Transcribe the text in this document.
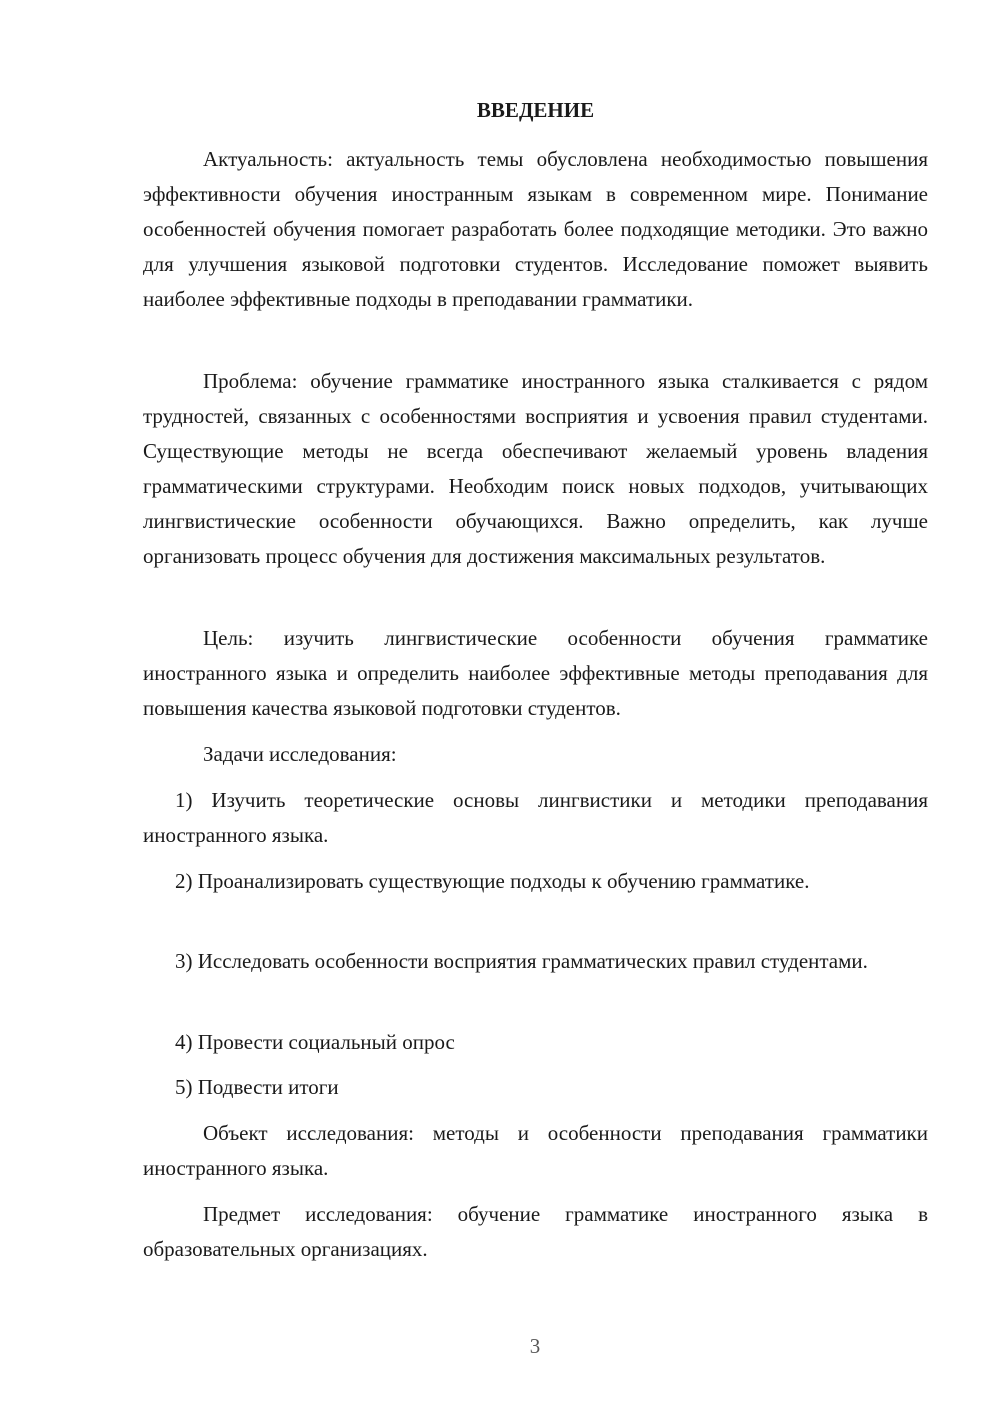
ВВЕДЕНИЕ

Актуальность: актуальность темы обусловлена необходимостью повышения эффективности обучения иностранным языкам в современном мире. Понимание особенностей обучения помогает разработать более подходящие методики. Это важно для улучшения языковой подготовки студентов. Исследование поможет выявить наиболее эффективные подходы в преподавании грамматики.

Проблема: обучение грамматике иностранного языка сталкивается с рядом трудностей, связанных с особенностями восприятия и усвоения правил студентами. Существующие методы не всегда обеспечивают желаемый уровень владения грамматическими структурами. Необходим поиск новых подходов, учитывающих лингвистические особенности обучающихся. Важно определить, как лучше организовать процесс обучения для достижения максимальных результатов.

Цель: изучить лингвистические особенности обучения грамматике иностранного языка и определить наиболее эффективные методы преподавания для повышения качества языковой подготовки студентов.

Задачи исследования:

1) Изучить теоретические основы лингвистики и методики преподавания иностранного языка.

2) Проанализировать существующие подходы к обучению грамматике.

3) Исследовать особенности восприятия грамматических правил студентами.

4) Провести социальный опрос

5) Подвести итоги

Объект исследования: методы и особенности преподавания грамматики иностранного языка.

Предмет исследования: обучение грамматике иностранного языка в образовательных организациях.

3
